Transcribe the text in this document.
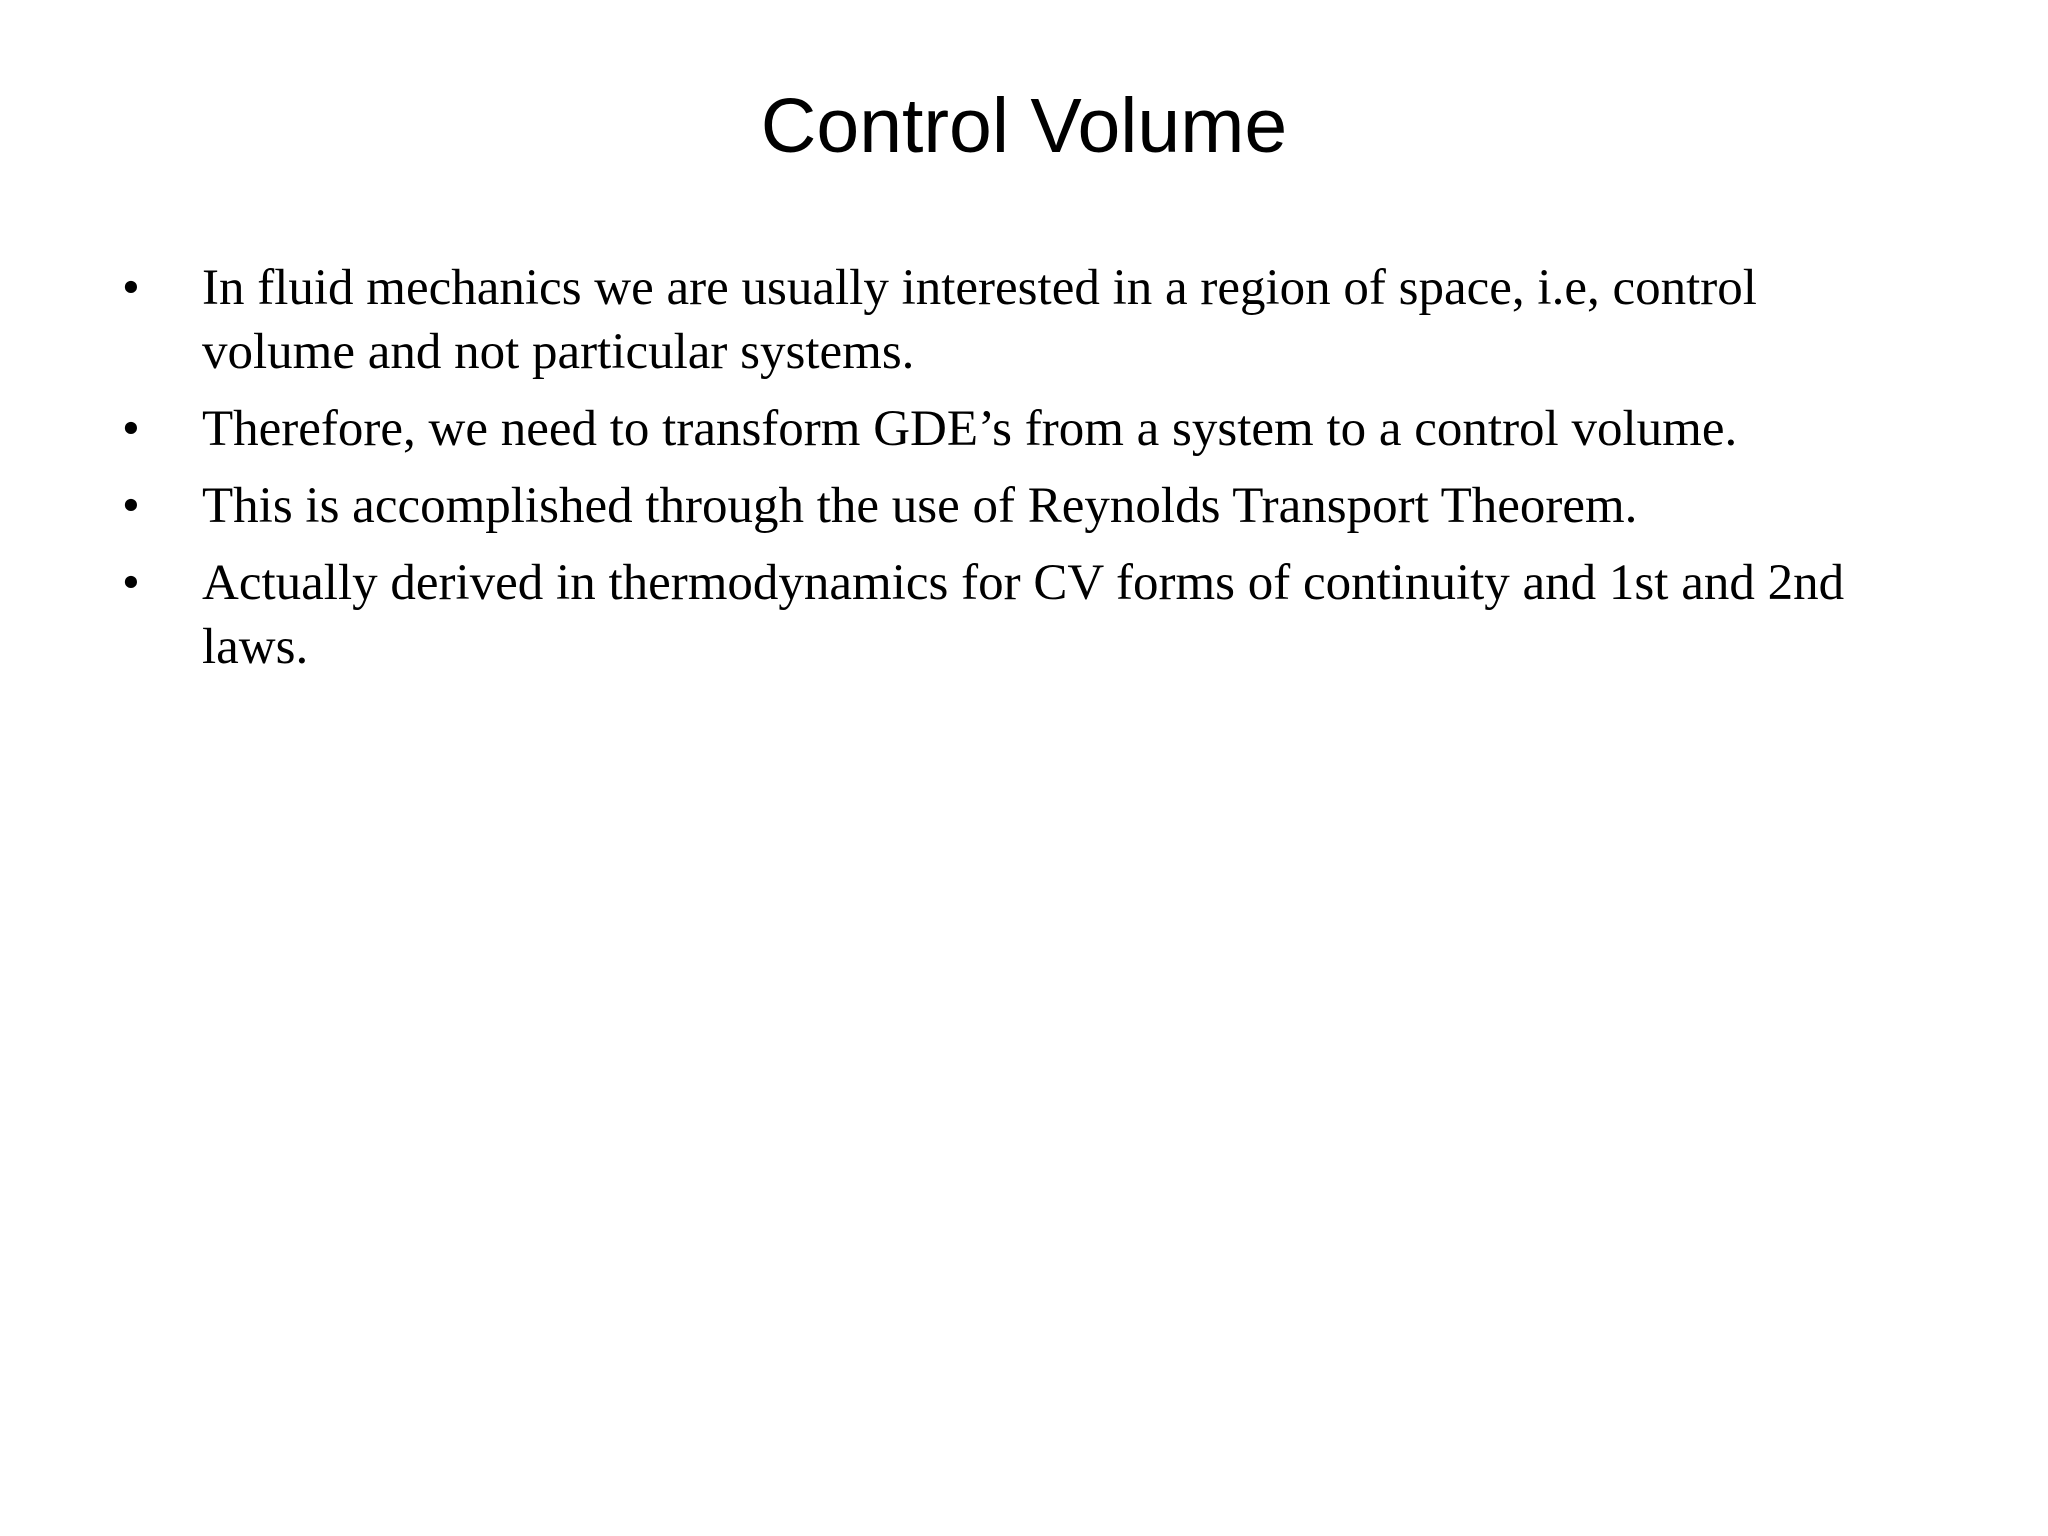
Control Volume
• In fluid mechanics we are usually interested in a region of space, i.e, control volume and not particular systems.
• Therefore, we need to transform GDE’s from a system to a control volume.
• This is accomplished through the use of Reynolds Transport Theorem.
• Actually derived in thermodynamics for CV forms of continuity and 1st and 2nd laws.
